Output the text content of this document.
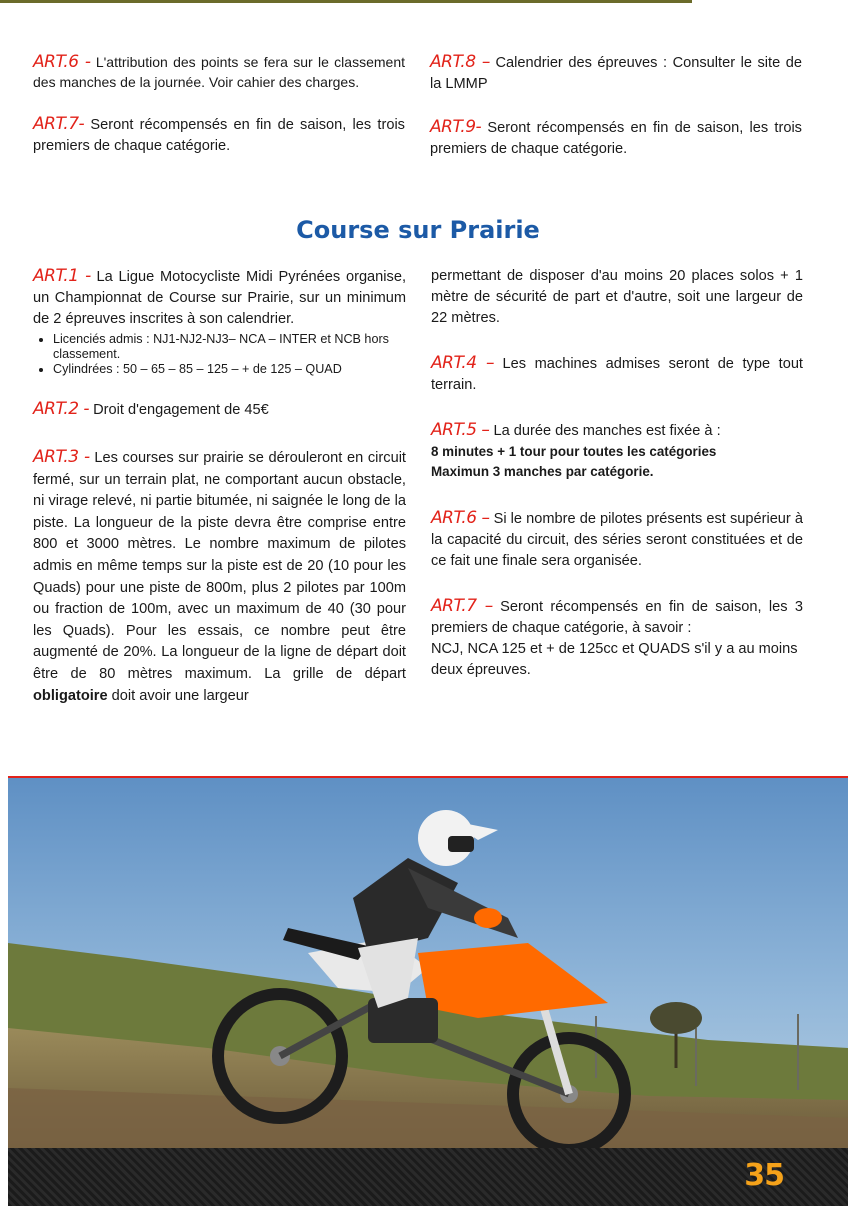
ART.6 - L'attribution des points se fera sur le classement des manches de la journée. Voir cahier des charges.

ART.7- Seront récompensés en fin de saison, les trois premiers de chaque catégorie.

ART.8 – Calendrier des épreuves : Consulter le site de la LMMP

ART.9- Seront récompensés en fin de saison, les trois premiers de chaque catégorie.

Course sur Prairie
ART.1 - La Ligue Motocycliste Midi Pyrénées organise, un Championnat de Course sur Prairie, sur un minimum de 2 épreuves inscrites à son calendrier.
• Licenciés admis : NJ1-NJ2-NJ3– NCA – INTER et NCB hors classement.
• Cylindrées : 50 – 65 – 85 – 125 – + de 125 – QUAD

ART.2 - Droit d'engagement de 45€

ART.3 - Les courses sur prairie se dérouleront en circuit fermé, sur un terrain plat, ne comportant aucun obstacle, ni virage relevé, ni partie bitumée, ni saignée le long de la piste. La longueur de la piste devra être comprise entre 800 et 3000 mètres. Le nombre maximum de pilotes admis en même temps sur la piste est de 20 (10 pour les Quads) pour une piste de 800m, plus 2 pilotes par 100m ou fraction de 100m, avec un maximum de 40 (30 pour les Quads). Pour les essais, ce nombre peut être augmenté de 20%. La longueur de la ligne de départ doit être de 80 mètres maximum. La grille de départ obligatoire doit avoir une largeur

permettant de disposer d'au moins 20 places solos + 1 mètre de sécurité de part et d'autre, soit une largeur de 22 mètres.

ART.4 – Les machines admises seront de type tout terrain.

ART.5 – La durée des manches est fixée à :
8 minutes + 1 tour pour toutes les catégories
Maximun 3 manches par catégorie.

ART.6 – Si le nombre de pilotes présents est supérieur à la capacité du circuit, des séries seront constituées et de ce fait une finale sera organisée.

ART.7 – Seront récompensés en fin de saison, les 3 premiers de chaque catégorie, à savoir :
NCJ, NCA 125 et + de 125cc et QUADS s'il y a au moins deux épreuves.
35
